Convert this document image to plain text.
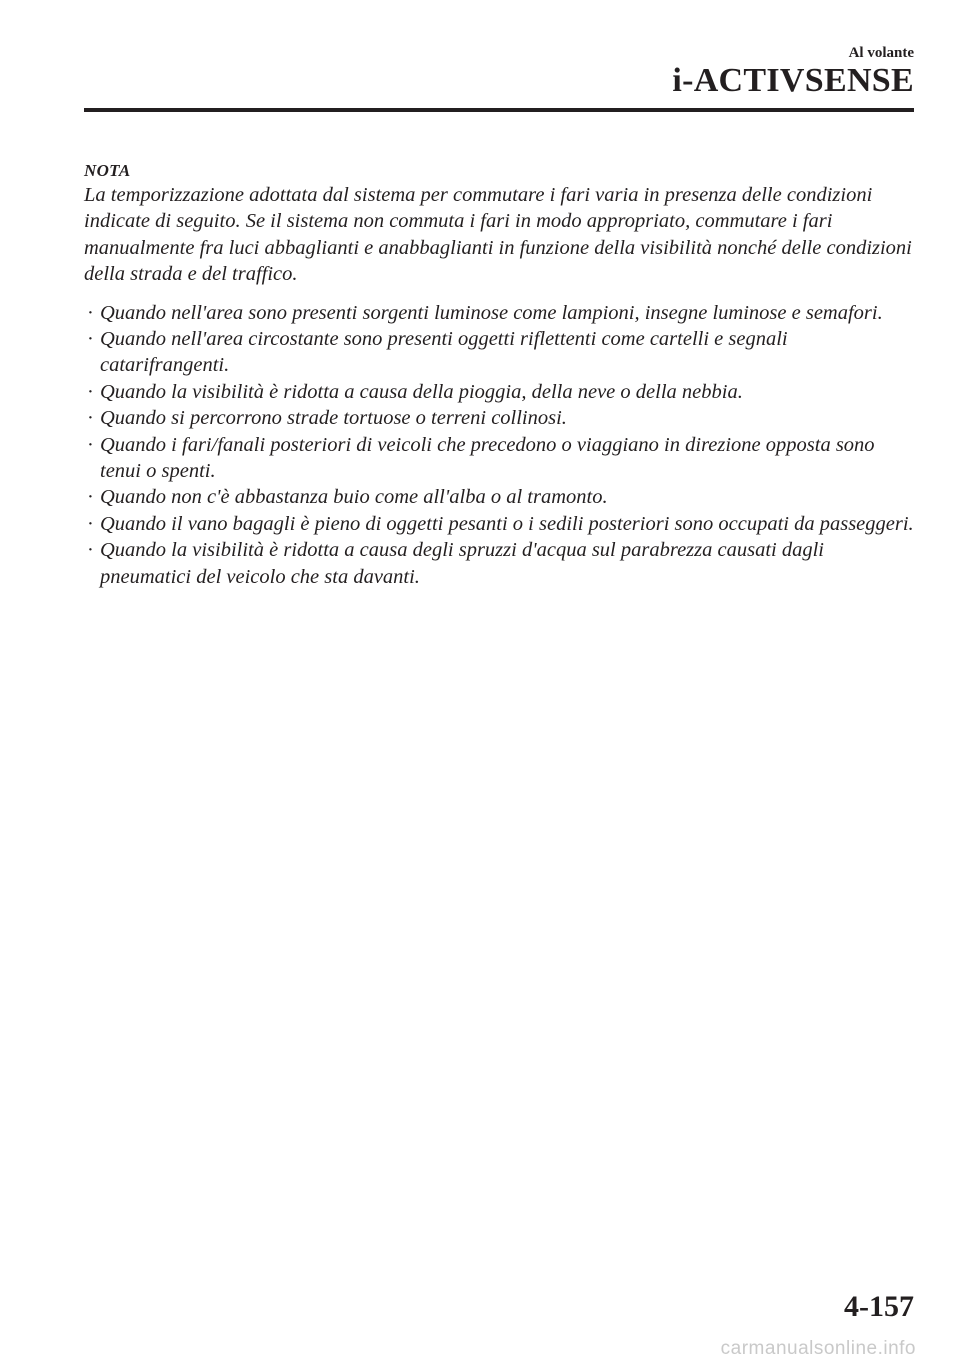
Al volante
i-ACTIVSENSE
NOTA

La temporizzazione adottata dal sistema per commutare i fari varia in presenza delle condizioni indicate di seguito. Se il sistema non commuta i fari in modo appropriato, commutare i fari manualmente fra luci abbaglianti e anabbaglianti in funzione della visibilità nonché delle condizioni della strada e del traffico.

· Quando nell'area sono presenti sorgenti luminose come lampioni, insegne luminose e semafori.
· Quando nell'area circostante sono presenti oggetti riflettenti come cartelli e segnali catarifrangenti.
· Quando la visibilità è ridotta a causa della pioggia, della neve o della nebbia.
· Quando si percorrono strade tortuose o terreni collinosi.
· Quando i fari/fanali posteriori di veicoli che precedono o viaggiano in direzione opposta sono tenui o spenti.
· Quando non c'è abbastanza buio come all'alba o al tramonto.
· Quando il vano bagagli è pieno di oggetti pesanti o i sedili posteriori sono occupati da passeggeri.
· Quando la visibilità è ridotta a causa degli spruzzi d'acqua sul parabrezza causati dagli pneumatici del veicolo che sta davanti.
4-157
carmanualsonline.info
